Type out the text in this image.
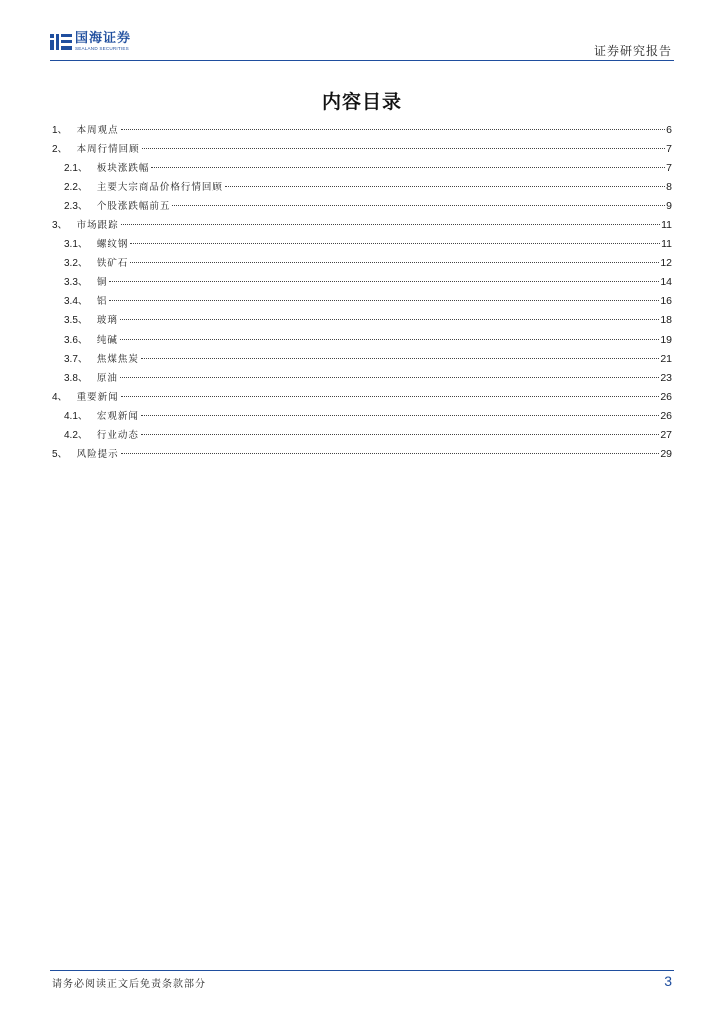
国海证券
SEALAND SECURITIES	证券研究报告
内容目录
1、 本周观点	6
2、 本周行情回顾	7
2.1、 板块涨跌幅	7
2.2、 主要大宗商品价格行情回顾	8
2.3、 个股涨跌幅前五	9
3、 市场跟踪	11
3.1、 螺纹钢	11
3.2、 铁矿石	12
3.3、 铜	14
3.4、 铝	16
3.5、 玻璃	18
3.6、 纯碱	19
3.7、 焦煤焦炭	21
3.8、 原油	23
4、 重要新闻	26
4.1、 宏观新闻	26
4.2、 行业动态	27
5、 风险提示	29
请务必阅读正文后免责条款部分	3
